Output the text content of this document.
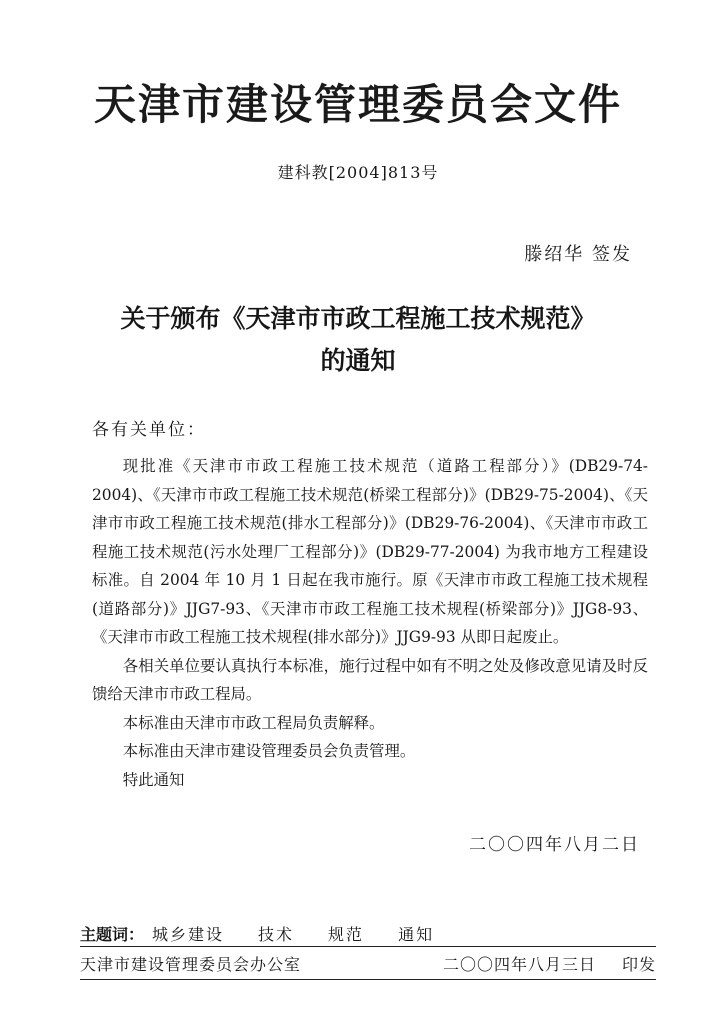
天津市建设管理委员会文件
建科教[2004]813号
滕绍华 签发
关于颁布《天津市市政工程施工技术规范》
的通知
各有关单位：

现批准《天津市市政工程施工技术规范（道路工程部分）》(DB29-74-2004)、《天津市市政工程施工技术规范(桥梁工程部分)》(DB29-75-2004)、《天津市市政工程施工技术规范(排水工程部分)》(DB29-76-2004)、《天津市市政工程施工技术规范(污水处理厂工程部分)》(DB29-77-2004) 为我市地方工程建设标准。自 2004 年 10 月 1 日起在我市施行。原《天津市市政工程施工技术规程(道路部分)》JJG7-93、《天津市市政工程施工技术规程(桥梁部分)》JJG8-93、《天津市市政工程施工技术规程(排水部分)》JJG9-93 从即日起废止。

各相关单位要认真执行本标准，施行过程中如有不明之处及修改意见请及时反馈给天津市市政工程局。

本标准由天津市市政工程局负责解释。

本标准由天津市建设管理委员会负责管理。

特此通知

二〇〇四年八月二日
主题词： 城乡建设 技术 规范 通知
天津市建设管理委员会办公室	二〇〇四年八月三日 印发
